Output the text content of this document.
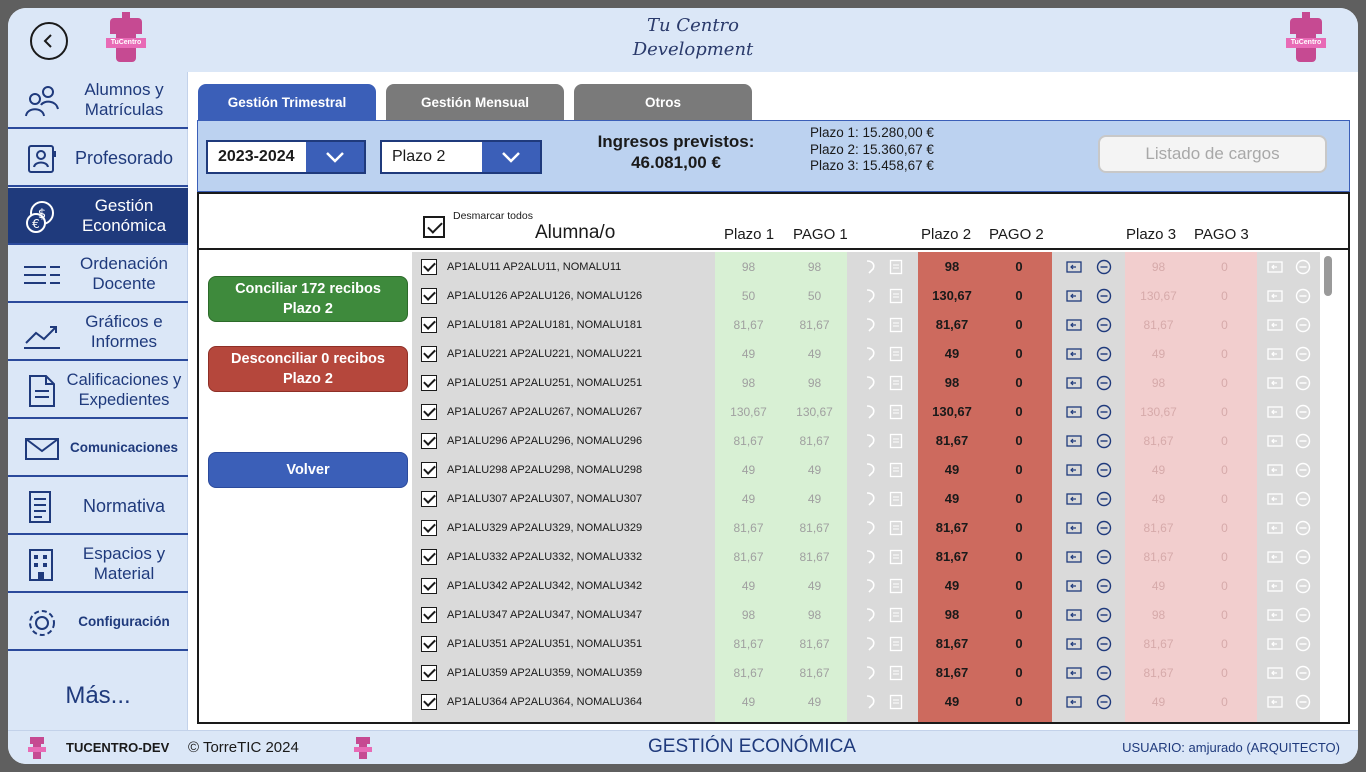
TuCentro
Tu Centro
Development	TuCentro
Alumnos y Matrículas
Profesorado
$
€
Gestión Económica
Ordenación Docente
Gráficos e Informes
Calificaciones y Expedientes
Comunicaciones
Normativa
Espacios y Material
Configuración
Más...
Gestión Trimestral	Gestión Mensual	Otros
2023-2024	Plazo 2
Ingresos previstos:
46.081,00 €
Plazo 1: 15.280,00 €
Plazo 2: 15.360,67 €
Plazo 3: 15.458,67 €
Listado de cargos
Desmarcar todos
Alumna/o	Plazo 1 PAGO 1	Plazo 2 PAGO 2	Plazo 3 PAGO 3
Conciliar 172 recibos
Plazo 2
Desconciliar 0 recibos
Plazo 2
Volver
AP1ALU11 AP2ALU11, NOMALU11	98	98	98	0	98	0
AP1ALU126 AP2ALU126, NOMALU126	50	50	130,67	0	130,67	0
AP1ALU181 AP2ALU181, NOMALU181	81,67	81,67	81,67	0	81,67	0
AP1ALU221 AP2ALU221, NOMALU221	49	49	49	0	49	0
AP1ALU251 AP2ALU251, NOMALU251	98	98	98	0	98	0
AP1ALU267 AP2ALU267, NOMALU267	130,67	130,67	130,67	0	130,67	0
AP1ALU296 AP2ALU296, NOMALU296	81,67	81,67	81,67	0	81,67	0
AP1ALU298 AP2ALU298, NOMALU298	49	49	49	0	49	0
AP1ALU307 AP2ALU307, NOMALU307	49	49	49	0	49	0
AP1ALU329 AP2ALU329, NOMALU329	81,67	81,67	81,67	0	81,67	0
AP1ALU332 AP2ALU332, NOMALU332	81,67	81,67	81,67	0	81,67	0
AP1ALU342 AP2ALU342, NOMALU342	49	49	49	0	49	0
AP1ALU347 AP2ALU347, NOMALU347	98	98	98	0	98	0
AP1ALU351 AP2ALU351, NOMALU351	81,67	81,67	81,67	0	81,67	0
AP1ALU359 AP2ALU359, NOMALU359	81,67	81,67	81,67	0	81,67	0
AP1ALU364 AP2ALU364, NOMALU364	49	49	49	0	49	0
TUCENTRO-DEV © TorreTIC 2024	GESTIÓN ECONÓMICA	USUARIO: amjurado (ARQUITECTO)
